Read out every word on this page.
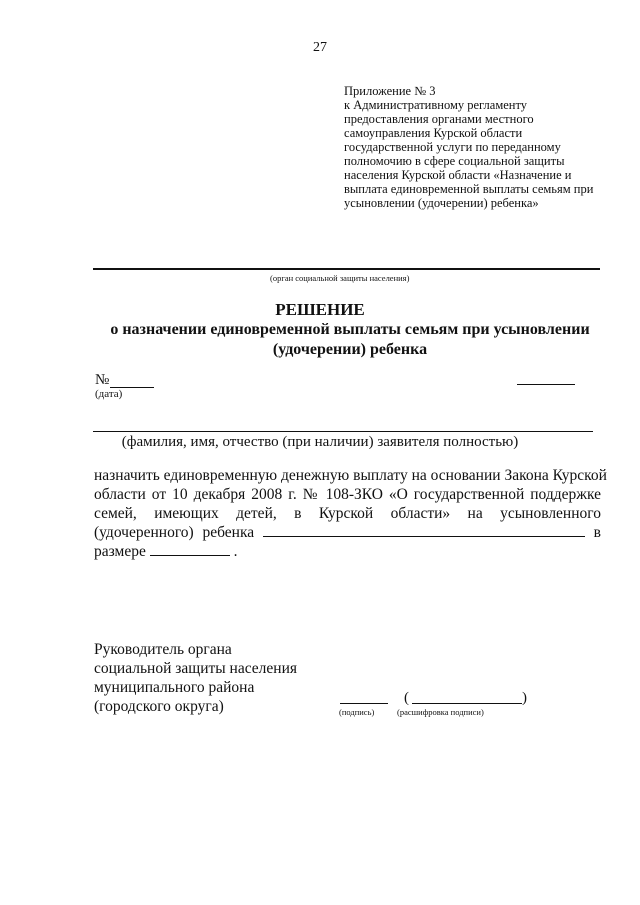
27
Приложение № 3
к Административному регламенту
предоставления органами местного
самоуправления Курской области
государственной услуги по переданному
полномочию в сфере социальной защиты
населения Курской области «Назначение и
выплата единовременной выплаты семьям при
усыновлении (удочерении) ребенка»
(орган социальной защиты населения)
РЕШЕНИЕ
о назначении единовременной выплаты семьям при усыновлении
(удочерении) ребенка
№
(дата)
(фамилия, имя, отчество (при наличии) заявителя полностью)
назначить единовременную денежную выплату на основании Закона Курской
области от 10 декабря 2008 г. № 108-ЗКО «О государственной поддержке
семей, имеющих детей, в Курской области» на усыновленного
(удочеренного) ребенка	в
размере	.
Руководитель органа
социальной защиты населения
муниципального района
(городского округа)	(	)
(подпись)	(расшифровка подписи)
